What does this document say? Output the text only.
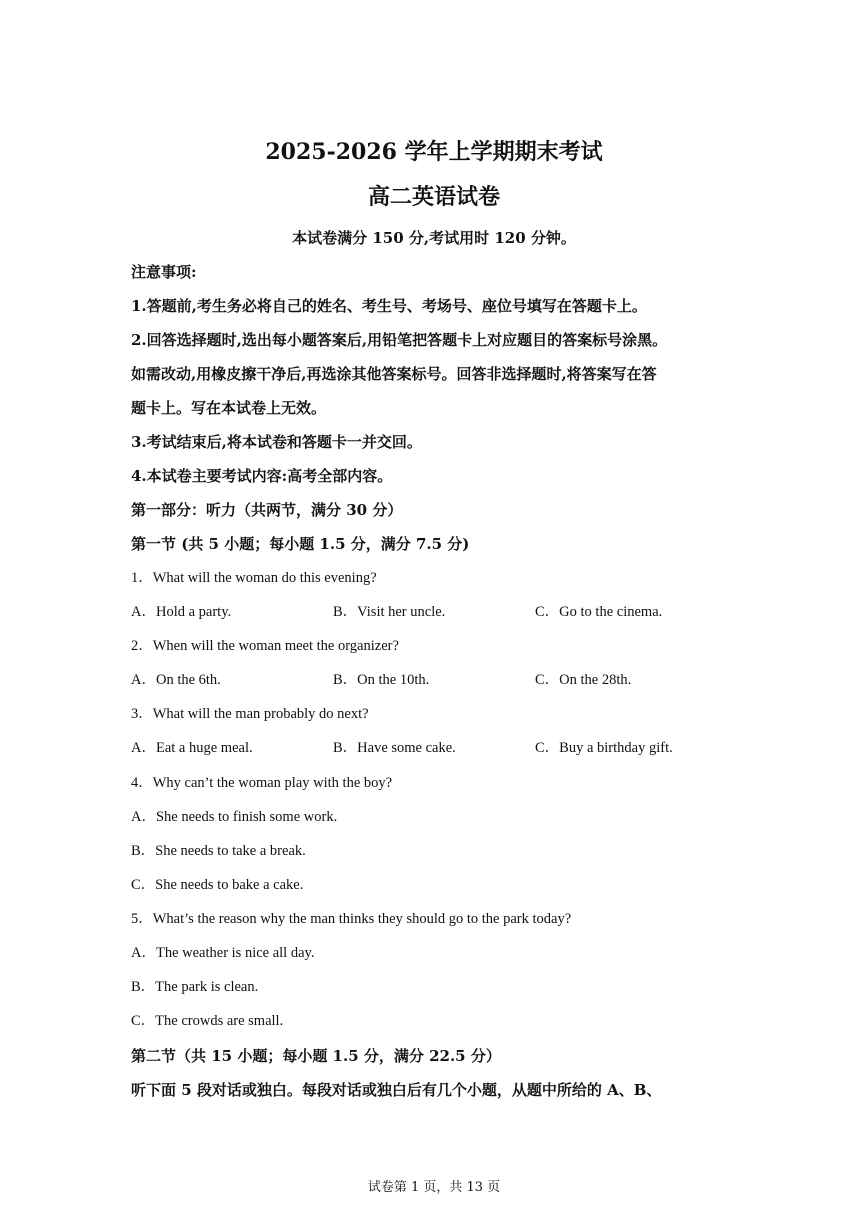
2025-2026 学年上学期期末考试
高二英语试卷
本试卷满分 150 分,考试用时 120 分钟。
注意事项:
1.答题前,考生务必将自己的姓名、考生号、考场号、座位号填写在答题卡上。
2.回答选择题时,选出每小题答案后,用铅笔把答题卡上对应题目的答案标号涂黑。
如需改动,用橡皮擦干净后,再选涂其他答案标号。回答非选择题时,将答案写在答
题卡上。写在本试卷上无效。
3.考试结束后,将本试卷和答题卡一并交回。
4.本试卷主要考试内容:高考全部内容。
第一部分：听力（共两节，满分 30 分）
第一节 (共 5 小题；每小题 1.5 分，满分 7.5 分)
1．What will the woman do this evening?
A．Hold a party.	B．Visit her uncle.	C．Go to the cinema.
2．When will the woman meet the organizer?
A．On the 6th.	B．On the 10th.	C．On the 28th.
3．What will the man probably do next?
A．Eat a huge meal.	B．Have some cake.	C．Buy a birthday gift.
4．Why can’t the woman play with the boy?
A．She needs to finish some work.
B．She needs to take a break.
C．She needs to bake a cake.
5．What’s the reason why the man thinks they should go to the park today?
A．The weather is nice all day.
B．The park is clean.
C．The crowds are small.
第二节（共 15 小题；每小题 1.5 分，满分 22.5 分）
听下面 5 段对话或独白。每段对话或独白后有几个小题，从题中所给的 A、B、
试卷第 1 页，共 13 页
